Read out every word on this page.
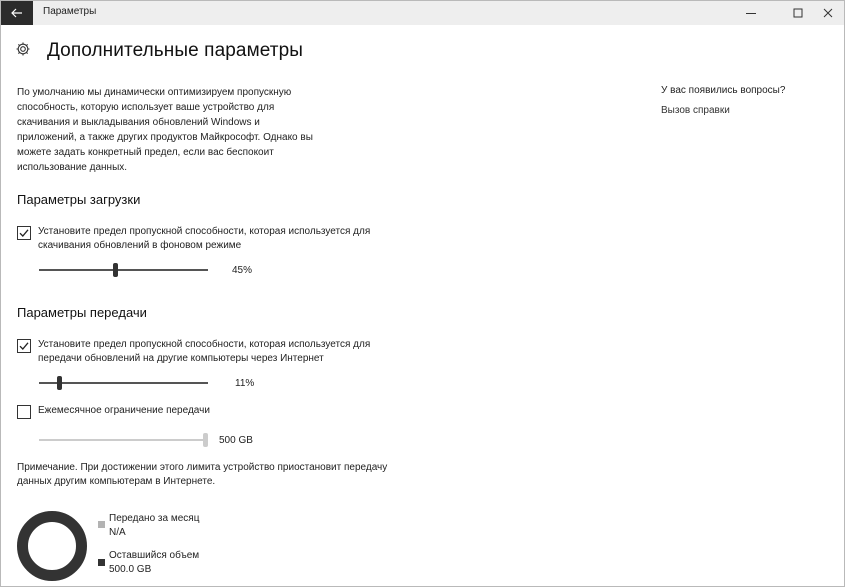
Параметры
Дополнительные параметры
По умолчанию мы динамически оптимизируем пропускную
способность, которую использует ваше устройство для
скачивания и выкладывания обновлений Windows и
приложений, а также других продуктов Майкрософт. Однако вы
можете задать конкретный предел, если вас беспокоит
использование данных.
У вас появились вопросы?
Вызов справки
Параметры загрузки
Установите предел пропускной способности, которая используется для
скачивания обновлений в фоновом режиме
45%
Параметры передачи
Установите предел пропускной способности, которая используется для
передачи обновлений на другие компьютеры через Интернет
11%
Ежемесячное ограничение передачи
500 GB
Примечание. При достижении этого лимита устройство приостановит передачу
данных другим компьютерам в Интернете.
Передано за месяц
N/A
Оставшийся объем
500.0 GB
